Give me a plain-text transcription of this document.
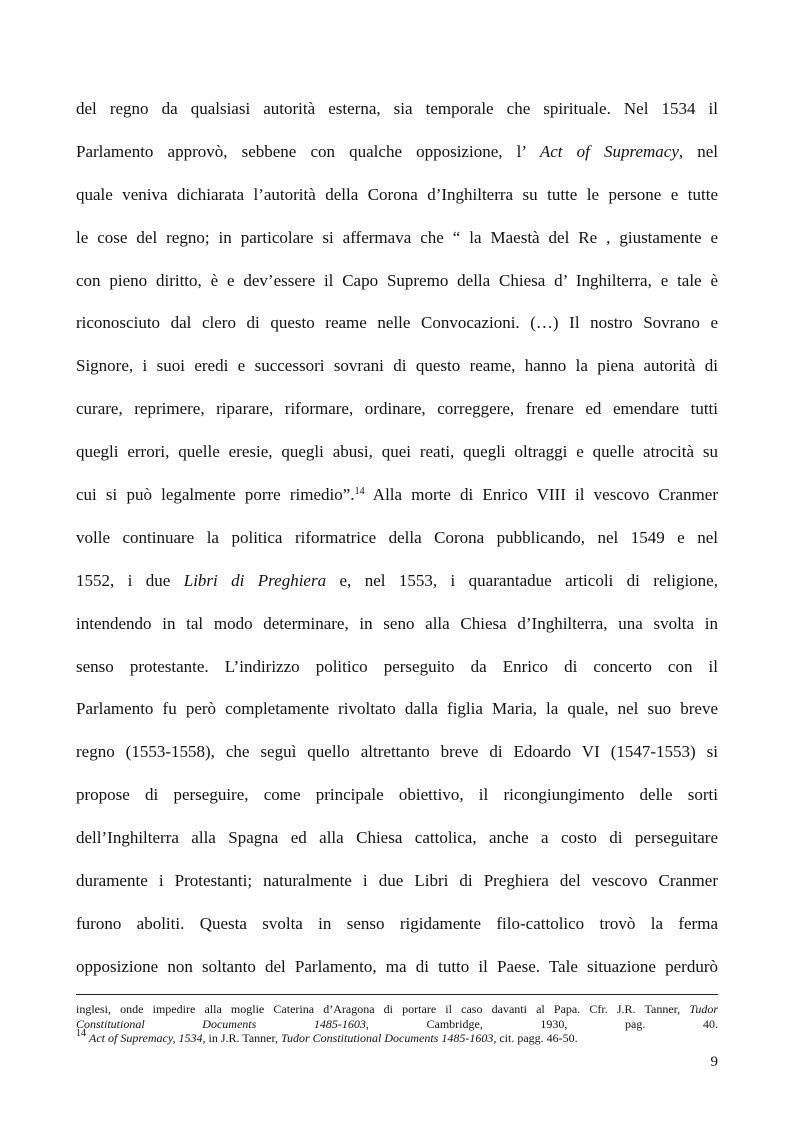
del regno da qualsiasi autorità esterna, sia temporale che spirituale. Nel 1534 il
Parlamento approvò, sebbene con qualche opposizione, l’ Act of Supremacy, nel
quale veniva dichiarata l’autorità della Corona d’Inghilterra su tutte le persone e tutte
le cose del regno; in particolare si affermava che “ la Maestà del Re , giustamente e
con pieno diritto, è e dev’essere il Capo Supremo della Chiesa d’ Inghilterra, e tale è
riconosciuto dal clero di questo reame nelle Convocazioni. (…) Il nostro Sovrano e
Signore, i suoi eredi e successori sovrani di questo reame, hanno la piena autorità di
curare, reprimere, riparare, riformare, ordinare, correggere, frenare ed emendare tutti
quegli errori, quelle eresie, quegli abusi, quei reati, quegli oltraggi e quelle atrocità su
cui si può legalmente porre rimedio”.$^{14}$ Alla morte di Enrico VIII il vescovo Cranmer
volle continuare la politica riformatrice della Corona pubblicando, nel 1549 e nel
1552, i due Libri di Preghiera e, nel 1553, i quarantadue articoli di religione,
intendendo in tal modo determinare, in seno alla Chiesa d’Inghilterra, una svolta in
senso protestante. L’indirizzo politico perseguito da Enrico di concerto con il
Parlamento fu però completamente rivoltato dalla figlia Maria, la quale, nel suo breve
regno (1553-1558), che seguì quello altrettanto breve di Edoardo VI (1547-1553) si
propose di perseguire, come principale obiettivo, il ricongiungimento delle sorti
dell’Inghilterra alla Spagna ed alla Chiesa cattolica, anche a costo di perseguitare
duramente i Protestanti; naturalmente i due Libri di Preghiera del vescovo Cranmer
furono aboliti. Questa svolta in senso rigidamente filo-cattolico trovò la ferma
opposizione non soltanto del Parlamento, ma di tutto il Paese. Tale situazione perdurò
inglesi, onde impedire alla moglie Caterina d’Aragona di portare il caso davanti al Papa. Cfr. J.R. Tanner, Tudor
Constitutional Documents 1485-1603, Cambridge, 1930, pag. 40.
$^{14}$ Act of Supremacy, 1534, in J.R. Tanner, Tudor Constitutional Documents 1485-1603, cit. pagg. 46-50.
9
